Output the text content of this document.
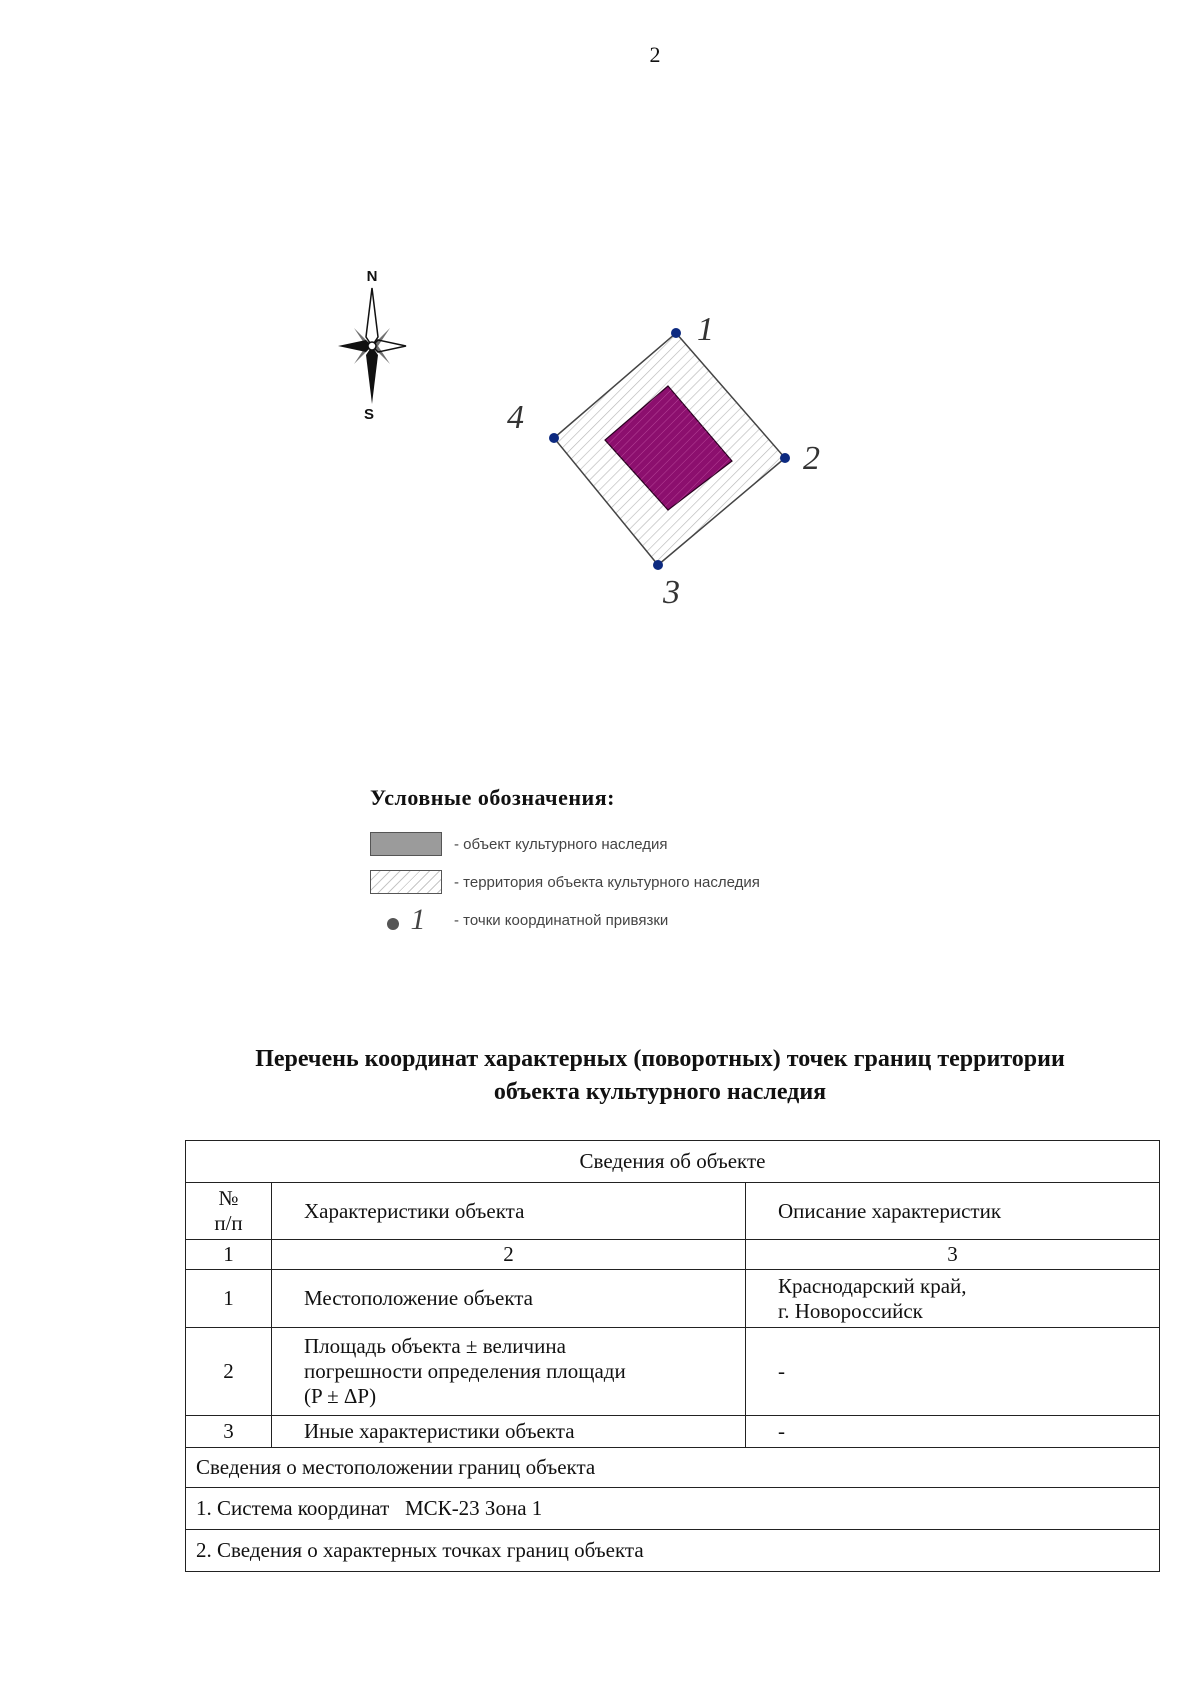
2
N
S
1
2
3
4
Условные обозначения:
- объект культурного наследия
- территория объекта культурного наследия
1 - точки координатной привязки
Перечень координат характерных (поворотных) точек границ территории
объекта культурного наследия
Сведения об объекте		
№
п/п	Характеристики объекта	Описание характеристик
1	2	3
1	Местоположение объекта	Краснодарский край,
г. Новороссийск

2	Площадь объекта ± величина
погрешности определения площади
(P ± ΔP)	-
3	Иные характеристики объекта	-
Сведения о местоположении границ объекта		
1. Система координат   МСК-23 Зона 1		
2. Сведения о характерных точках границ объекта		
